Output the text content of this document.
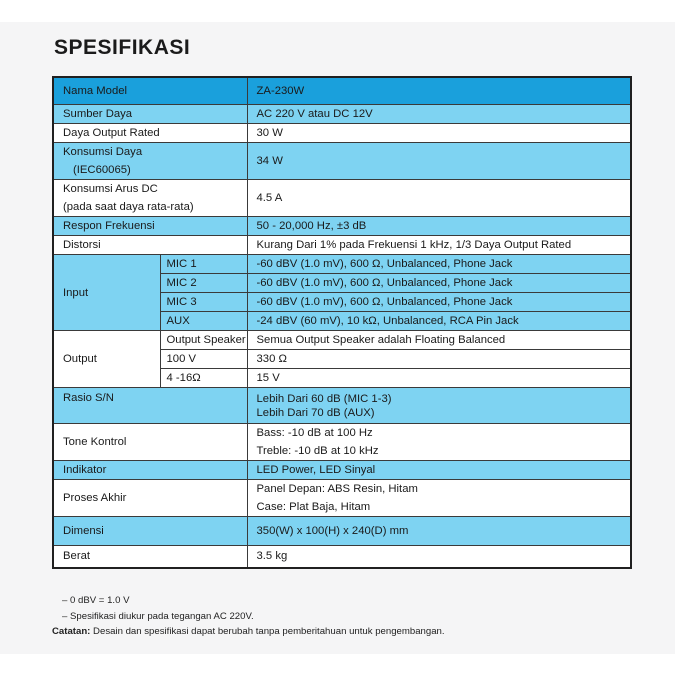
SPESIFIKASI
Nama Model		ZA-230W
Sumber Daya		AC 220 V atau DC 12V
Daya Output Rated		30 W

Konsumsi Daya
(IEC60065)		34 W

Konsumsi Arus DC
(pada saat daya rata-rata)		4.5 A
Respon Frekuensi		50 - 20,000 Hz, ±3 dB
Distorsi		Kurang Dari 1% pada Frekuensi 1 kHz, 1/3 Daya Output Rated
Input	MIC 1	-60 dBV (1.0 mV), 600 Ω, Unbalanced, Phone Jack
	MIC 2	-60 dBV (1.0 mV), 600 Ω, Unbalanced, Phone Jack
	MIC 3	-60 dBV (1.0 mV), 600 Ω, Unbalanced, Phone Jack
	AUX	-24 dBV (60 mV), 10 kΩ, Unbalanced, RCA Pin Jack
Output	Output Speaker	Semua Output Speaker adalah Floating Balanced
	100 V	330 Ω
	4 -16Ω	15 V
Rasio S/N		Lebih Dari 60 dB (MIC 1-3)
Lebih Dari 70 dB (AUX)

Tone Kontrol		Bass: -10 dB at 100 Hz
Treble: -10 dB at 10 kHz

Indikator		LED Power, LED Sinyal
Proses Akhir		Panel Depan: ABS Resin, Hitam
Case: Plat Baja, Hitam

Dimensi		350(W) x 100(H) x 240(D) mm
Berat		3.5 kg
– 0 dBV = 1.0 V
– Spesifikasi diukur pada tegangan AC 220V.
Catatan: Desain dan spesifikasi dapat berubah tanpa pemberitahuan untuk pengembangan.
